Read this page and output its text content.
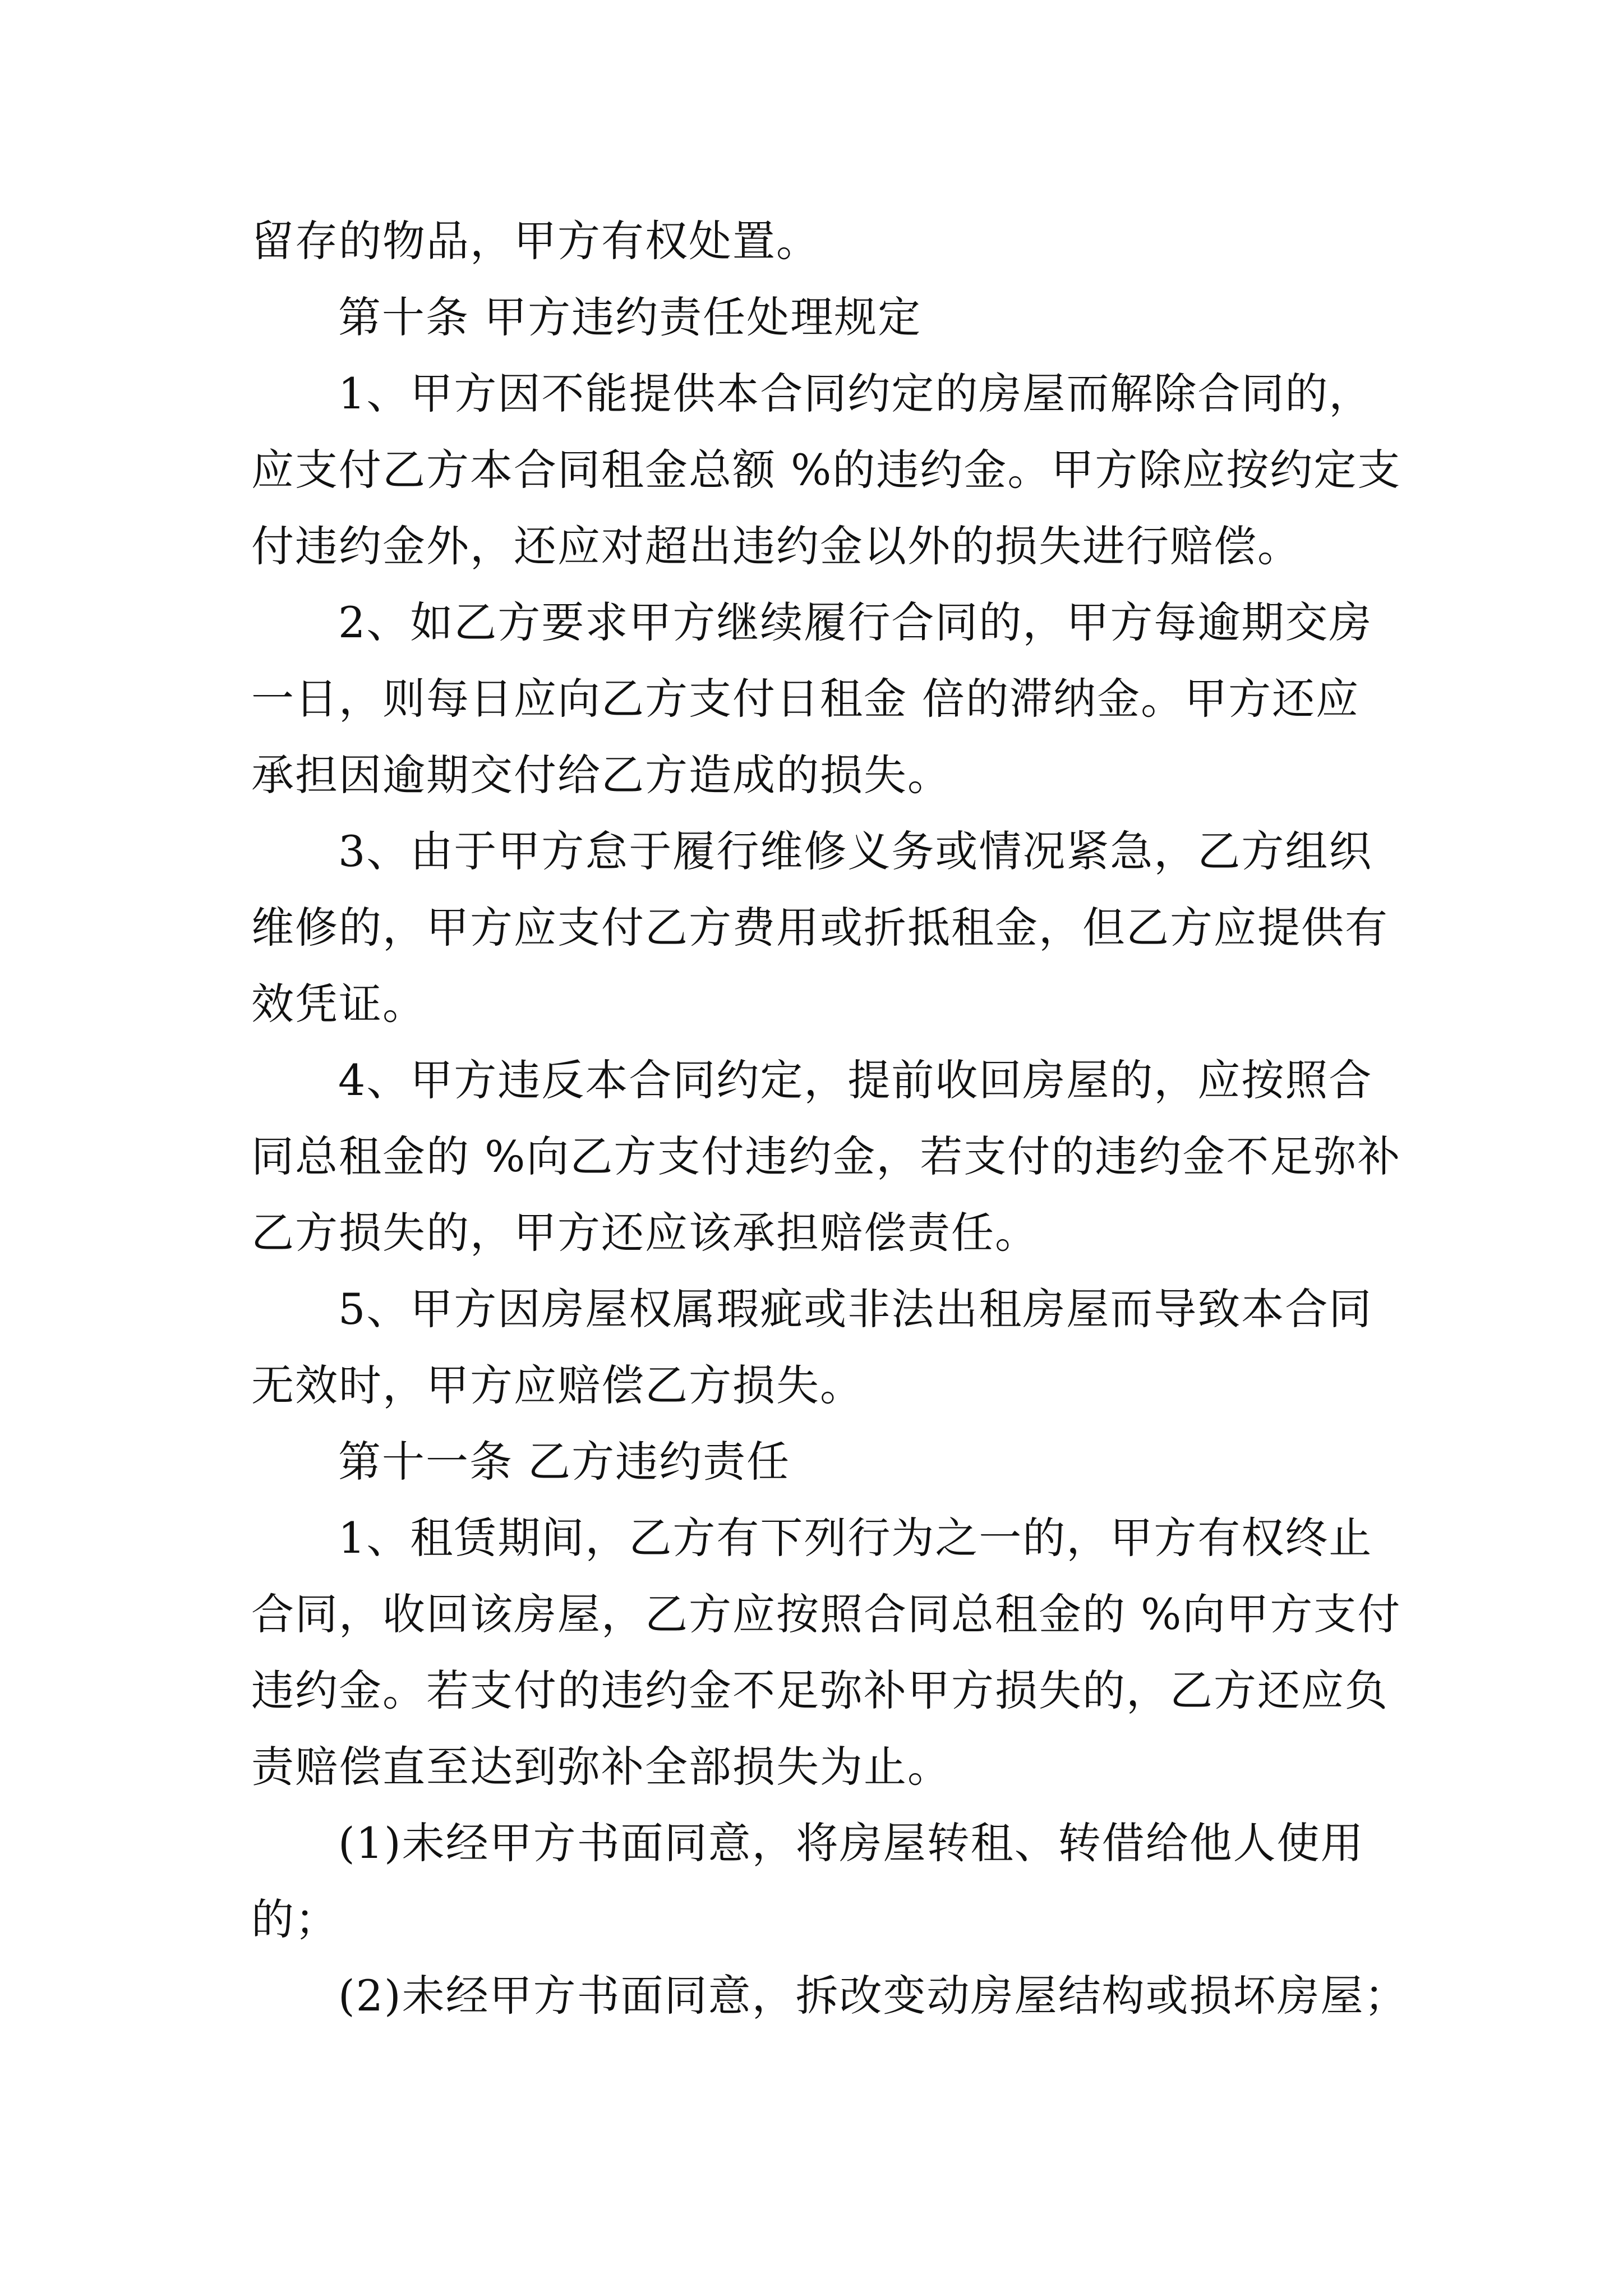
留存的物品，甲方有权处置。
第十条 甲方违约责任处理规定
1、甲方因不能提供本合同约定的房屋而解除合同的，
应支付乙方本合同租金总额 %的违约金。甲方除应按约定支
付违约金外，还应对超出违约金以外的损失进行赔偿。
2、如乙方要求甲方继续履行合同的，甲方每逾期交房
一日，则每日应向乙方支付日租金 倍的滞纳金。甲方还应
承担因逾期交付给乙方造成的损失。
3、由于甲方怠于履行维修义务或情况紧急，乙方组织
维修的，甲方应支付乙方费用或折抵租金，但乙方应提供有
效凭证。
4、甲方违反本合同约定，提前收回房屋的，应按照合
同总租金的 %向乙方支付违约金，若支付的违约金不足弥补
乙方损失的，甲方还应该承担赔偿责任。
5、甲方因房屋权属瑕疵或非法出租房屋而导致本合同
无效时，甲方应赔偿乙方损失。
第十一条 乙方违约责任
1、租赁期间，乙方有下列行为之一的，甲方有权终止
合同，收回该房屋，乙方应按照合同总租金的 %向甲方支付
违约金。若支付的违约金不足弥补甲方损失的，乙方还应负
责赔偿直至达到弥补全部损失为止。
(1)未经甲方书面同意，将房屋转租、转借给他人使用
的；
(2)未经甲方书面同意，拆改变动房屋结构或损坏房屋；
